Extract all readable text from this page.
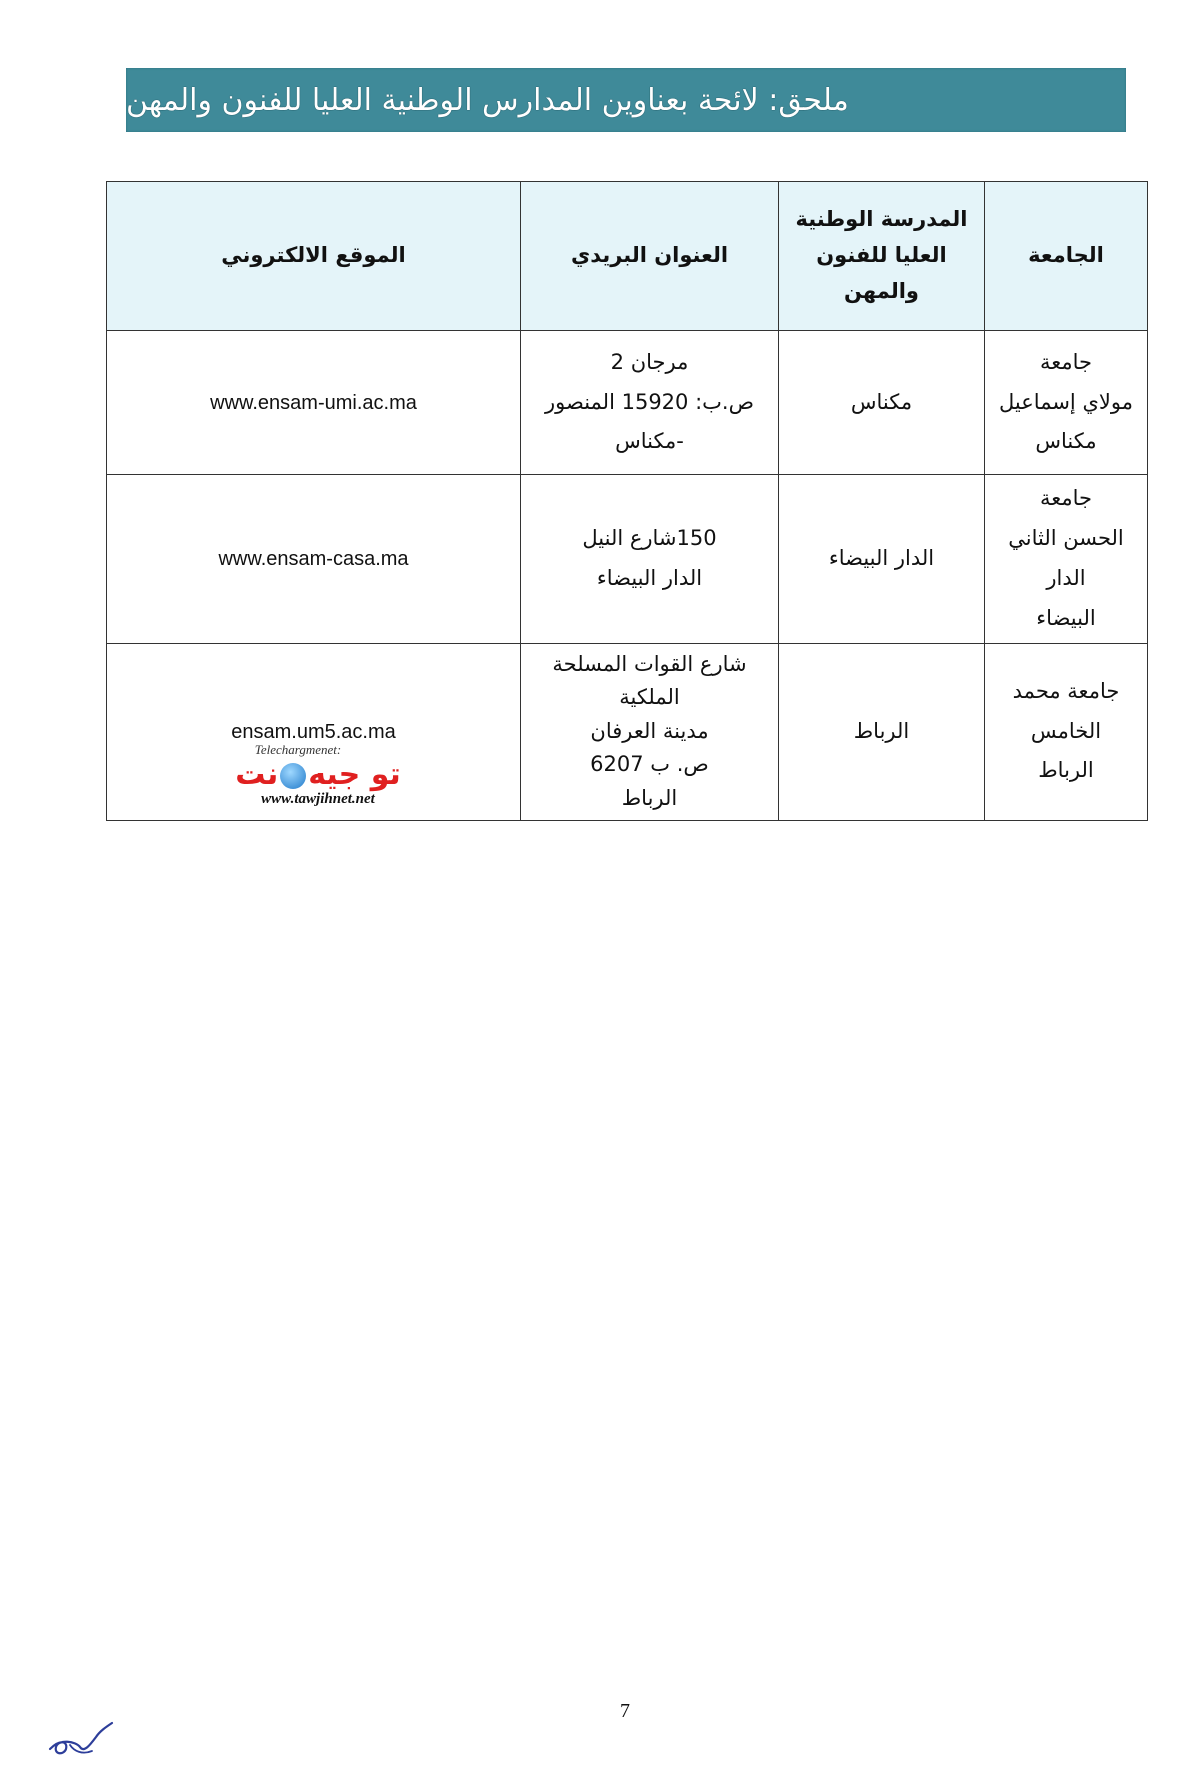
ملحق: لائحة بعناوين المدارس الوطنية العليا للفنون والمهن
الجامعة	المدرسة الوطنية العليا للفنون والمهن	العنوان البريدي	الموقع الالكتروني

جامعة
مولاي إسماعيل
مكناس	مكناس	مرجان 2
ص.ب: 15920 المنصور -مكناس	www.ensam-umi.ac.ma

جامعة
الحسن الثاني الدار
البيضاء	الدار البيضاء	150شارع النيل
الدار البيضاء	www.ensam-casa.ma

جامعة محمد
الخامس
الرباط	الرباط	شارع القوات المسلحة الملكية
مدينة العرفان
ص. ب 6207
الرباط	ensam.um5.ac.ma
Telechargmenet:
تو جيهنت
www.tawjihnet.net
7
